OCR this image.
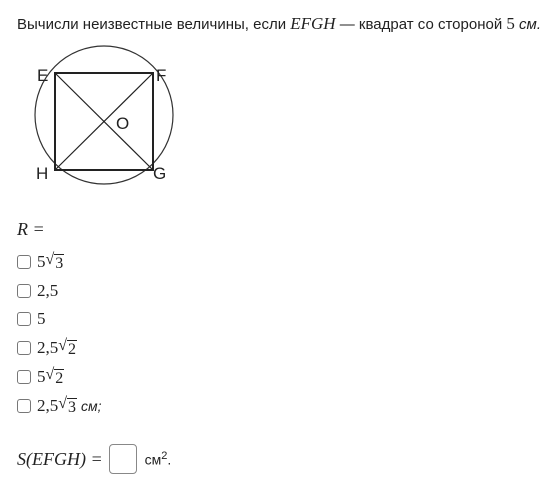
Вычисли неизвестные величины, если EFGH — квадрат со стороной 5 см.
E	F
G
H
O
R =
5 √ 3
2,5
5
2,5 √ 2
5 √ 2
2,5 √ 3 см;
S(EFGH) =	$см^2$.
